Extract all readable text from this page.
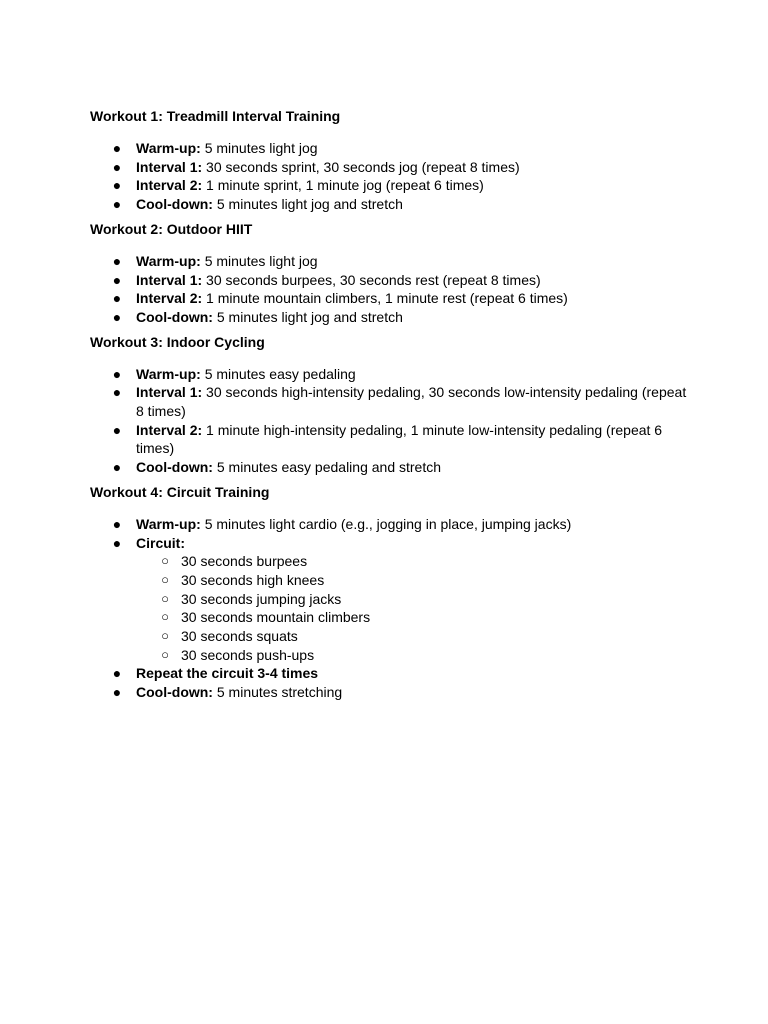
Workout 1: Treadmill Interval Training
● Warm-up: 5 minutes light jog
● Interval 1: 30 seconds sprint, 30 seconds jog (repeat 8 times)
● Interval 2: 1 minute sprint, 1 minute jog (repeat 6 times)
● Cool-down: 5 minutes light jog and stretch
Workout 2: Outdoor HIIT
● Warm-up: 5 minutes light jog
● Interval 1: 30 seconds burpees, 30 seconds rest (repeat 8 times)
● Interval 2: 1 minute mountain climbers, 1 minute rest (repeat 6 times)
● Cool-down: 5 minutes light jog and stretch
Workout 3: Indoor Cycling
● Warm-up: 5 minutes easy pedaling
● Interval 1: 30 seconds high-intensity pedaling, 30 seconds low-intensity pedaling (repeat 8 times)
● Interval 2: 1 minute high-intensity pedaling, 1 minute low-intensity pedaling (repeat 6 times)
● Cool-down: 5 minutes easy pedaling and stretch
Workout 4: Circuit Training
● Warm-up: 5 minutes light cardio (e.g., jogging in place, jumping jacks)
● Circuit:
○ 30 seconds burpees
○ 30 seconds high knees
○ 30 seconds jumping jacks
○ 30 seconds mountain climbers
○ 30 seconds squats
○ 30 seconds push-ups
● Repeat the circuit 3-4 times
● Cool-down: 5 minutes stretching
